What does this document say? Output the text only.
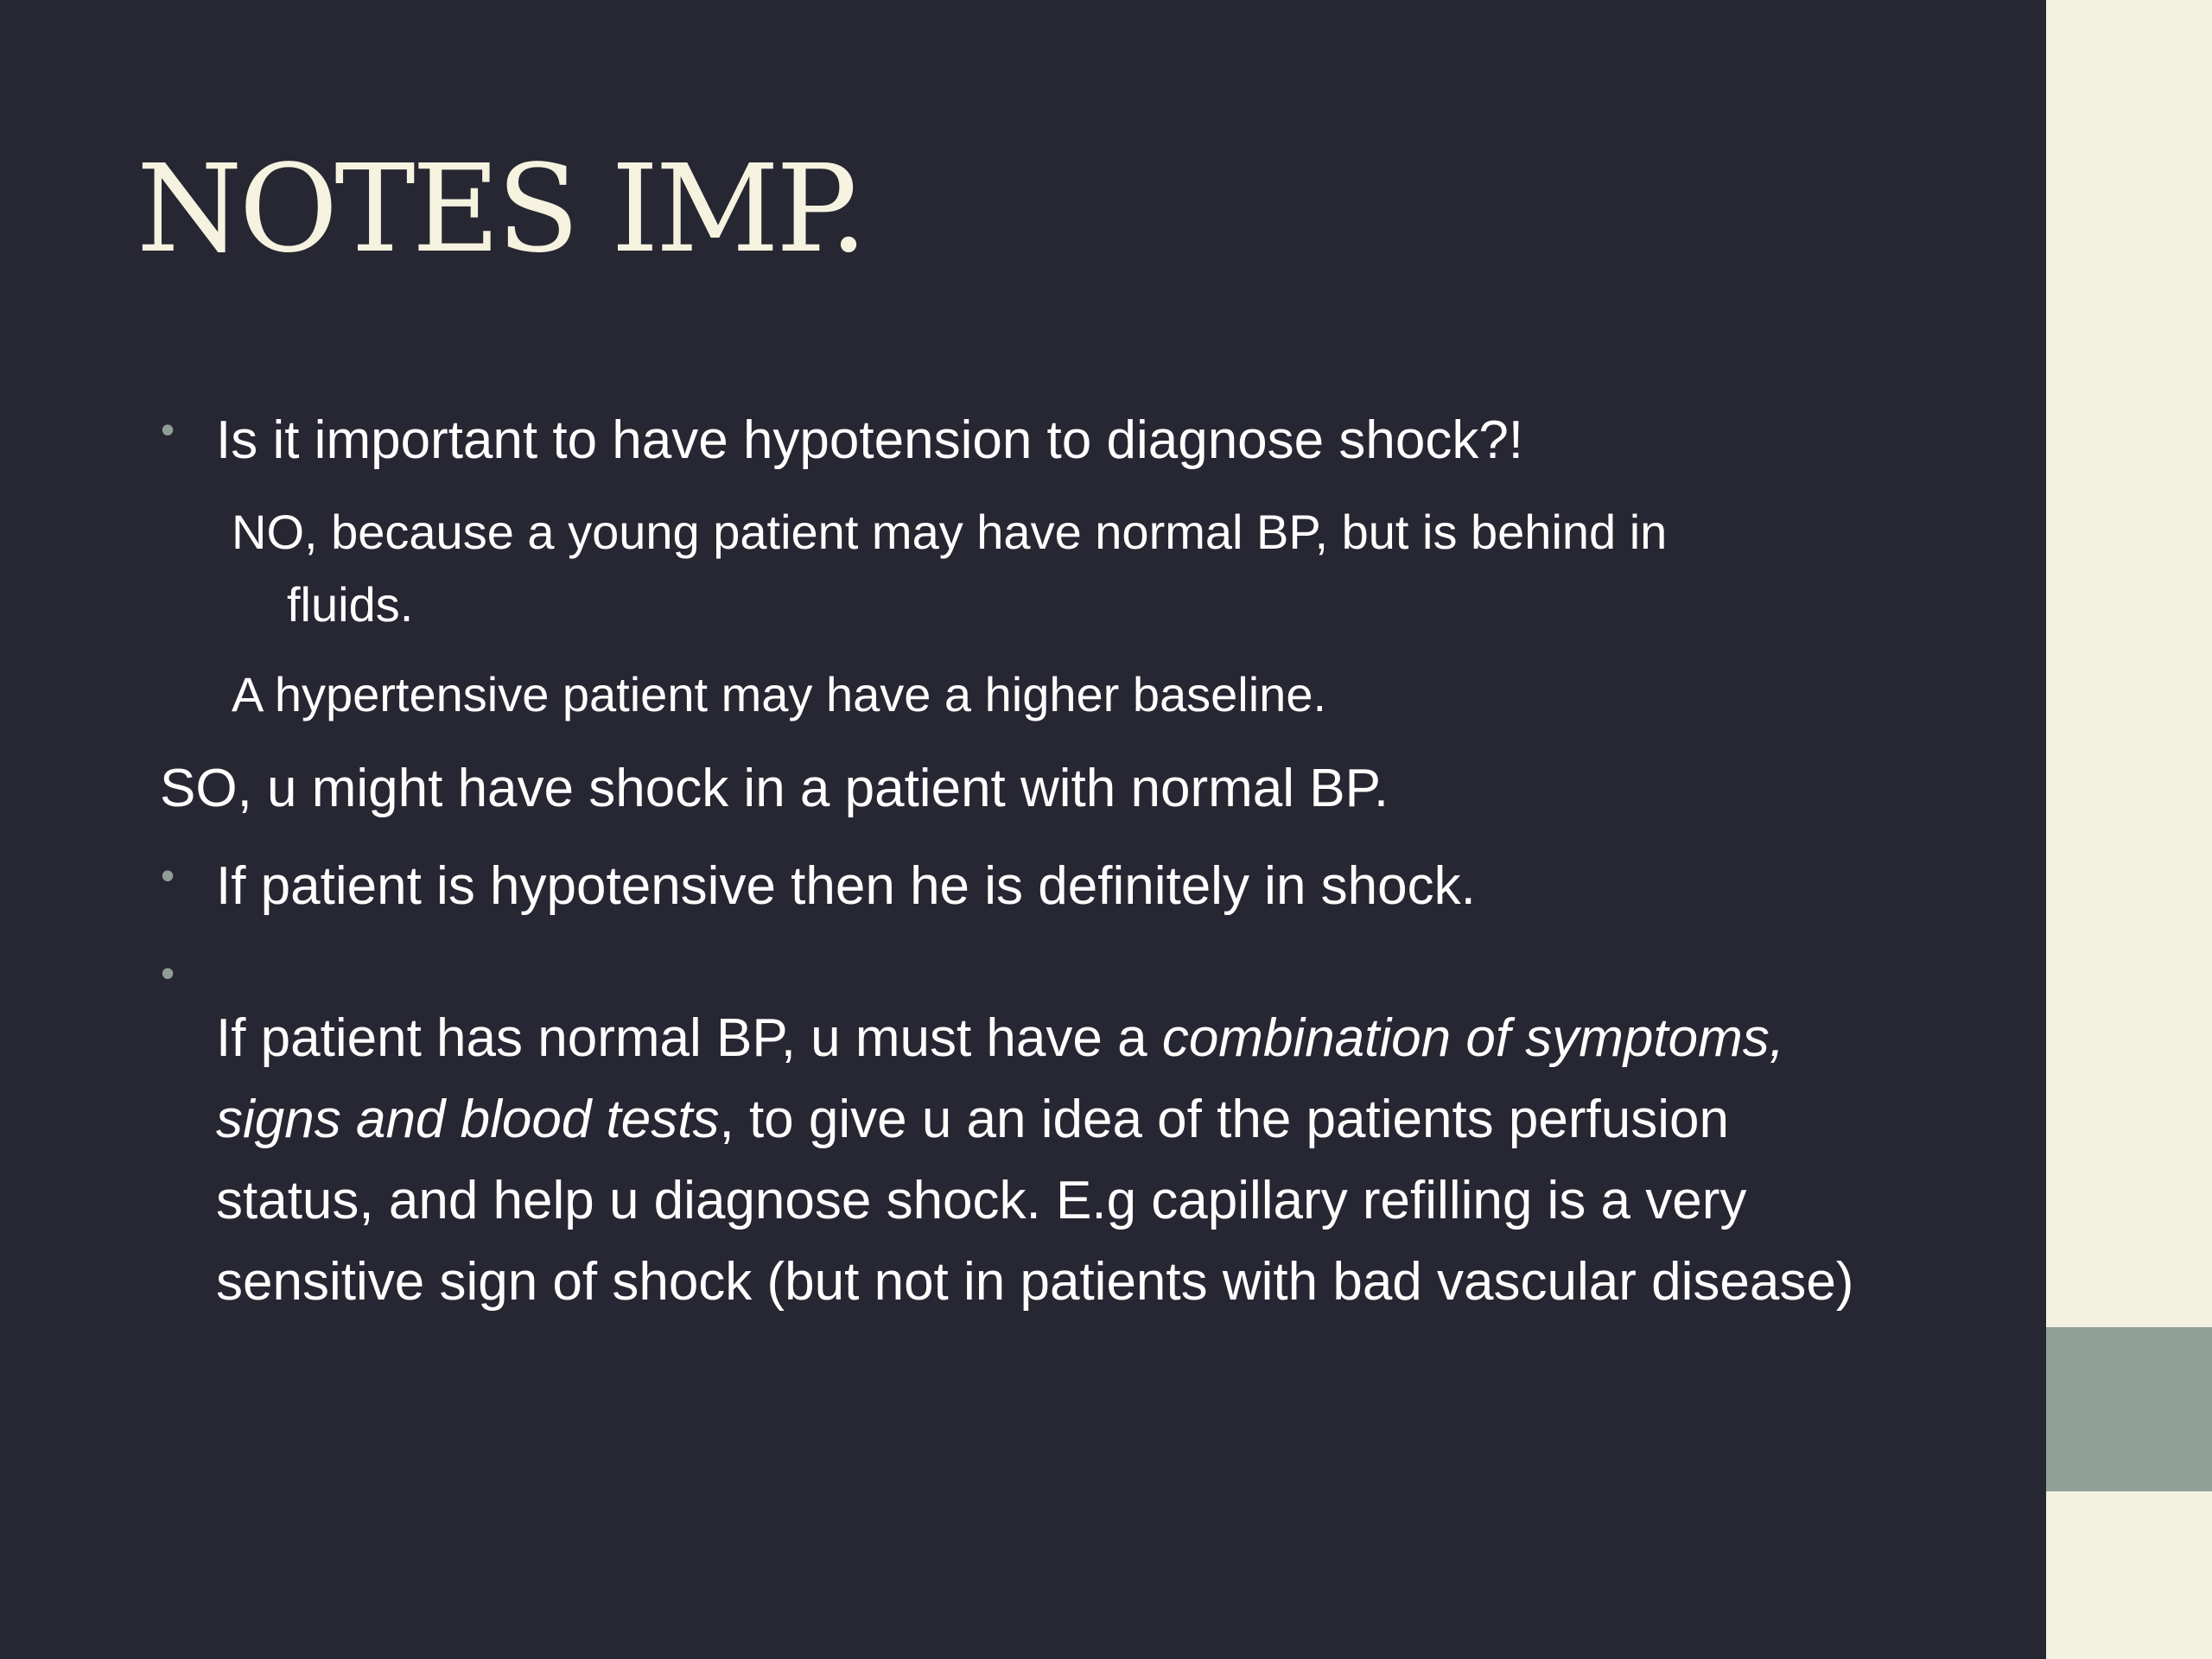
NOTES IMP.
• Is it important to have hypotension to diagnose shock?!

NO, because a young patient may have normal BP, but is behind in

fluids.

A hypertensive patient may have a higher baseline.

SO, u might have shock in a patient with normal BP.

• If patient is hypotensive then he is definitely in shock.

•

If patient has normal BP, u must have a combination of symptoms, signs and blood tests, to give u an idea of the patients perfusion status, and help u diagnose shock. E.g capillary refilling is a very sensitive sign of shock (but not in patients with bad vascular disease)
